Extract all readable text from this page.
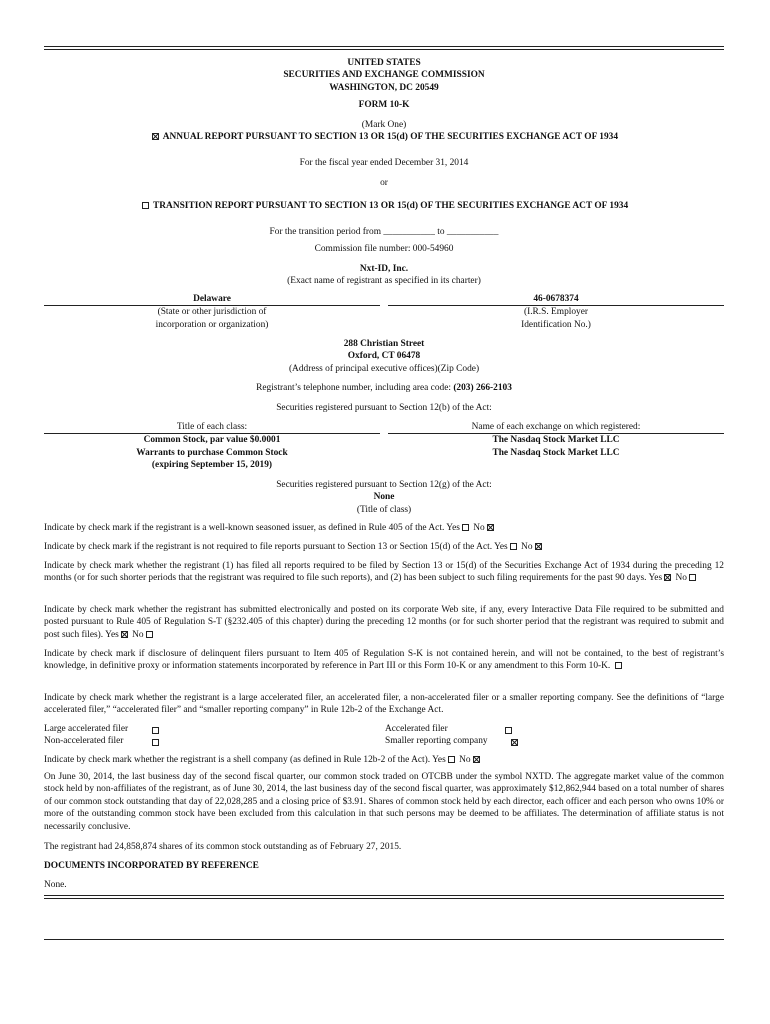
UNITED STATES
SECURITIES AND EXCHANGE COMMISSION
WASHINGTON, DC 20549
FORM 10-K
(Mark One)
ANNUAL REPORT PURSUANT TO SECTION 13 OR 15(d) OF THE SECURITIES EXCHANGE ACT OF 1934
For the fiscal year ended December 31, 2014
or
TRANSITION REPORT PURSUANT TO SECTION 13 OR 15(d) OF THE SECURITIES EXCHANGE ACT OF 1934
For the transition period from ___________ to ___________
Commission file number: 000-54960
Nxt-ID, Inc.
(Exact name of registrant as specified in its charter)
Delaware
(State or other jurisdiction of
incorporation or organization)
46-0678374
(I.R.S. Employer
Identification No.)
288 Christian Street
Oxford, CT 06478
(Address of principal executive offices)(Zip Code)
Registrant’s telephone number, including area code: (203) 266-2103
Securities registered pursuant to Section 12(b) of the Act:
Title of each class:
Common Stock, par value $0.0001
Warrants to purchase Common Stock
(expiring September 15, 2019)
Name of each exchange on which registered:
The Nasdaq Stock Market LLC
The Nasdaq Stock Market LLC
Securities registered pursuant to Section 12(g) of the Act:
None
(Title of class)
Indicate by check mark if the registrant is a well-known seasoned issuer, as defined in Rule 405 of the Act. Yes No
Indicate by check mark if the registrant is not required to file reports pursuant to Section 13 or Section 15(d) of the Act. Yes No
Indicate by check mark whether the registrant (1) has filed all reports required to be filed by Section 13 or 15(d) of the Securities Exchange Act of 1934 during the preceding 12 months (or for such shorter periods that the registrant was required to file such reports), and (2) has been subject to such filing requirements for the past 90 days. Yes No
Indicate by check mark whether the registrant has submitted electronically and posted on its corporate Web site, if any, every Interactive Data File required to be submitted and posted pursuant to Rule 405 of Regulation S-T (§232.405 of this chapter) during the preceding 12 months (or for such shorter period that the registrant was required to submit and post such files). Yes No
Indicate by check mark if disclosure of delinquent filers pursuant to Item 405 of Regulation S-K is not contained herein, and will not be contained, to the best of registrant’s knowledge, in definitive proxy or information statements incorporated by reference in Part III or this Form 10-K or any amendment to this Form 10-K.
Indicate by check mark whether the registrant is a large accelerated filer, an accelerated filer, a non-accelerated filer or a smaller reporting company. See the definitions of “large accelerated filer,” “accelerated filer” and “smaller reporting company” in Rule 12b-2 of the Exchange Act.
Large accelerated filer
Non-accelerated filer
Accelerated filer
Smaller reporting company
Indicate by check mark whether the registrant is a shell company (as defined in Rule 12b-2 of the Act). Yes No
On June 30, 2014, the last business day of the second fiscal quarter, our common stock traded on OTCBB under the symbol NXTD. The aggregate market value of the common stock held by non-affiliates of the registrant, as of June 30, 2014, the last business day of the second fiscal quarter, was approximately $12,862,944 based on a total number of shares of our common stock outstanding that day of 22,028,285 and a closing price of $3.91. Shares of common stock held by each director, each officer and each person who owns 10% or more of the outstanding common stock have been excluded from this calculation in that such persons may be deemed to be affiliates. The determination of affiliate status is not necessarily conclusive.
The registrant had 24,858,874 shares of its common stock outstanding as of February 27, 2015.
DOCUMENTS INCORPORATED BY REFERENCE
None.
